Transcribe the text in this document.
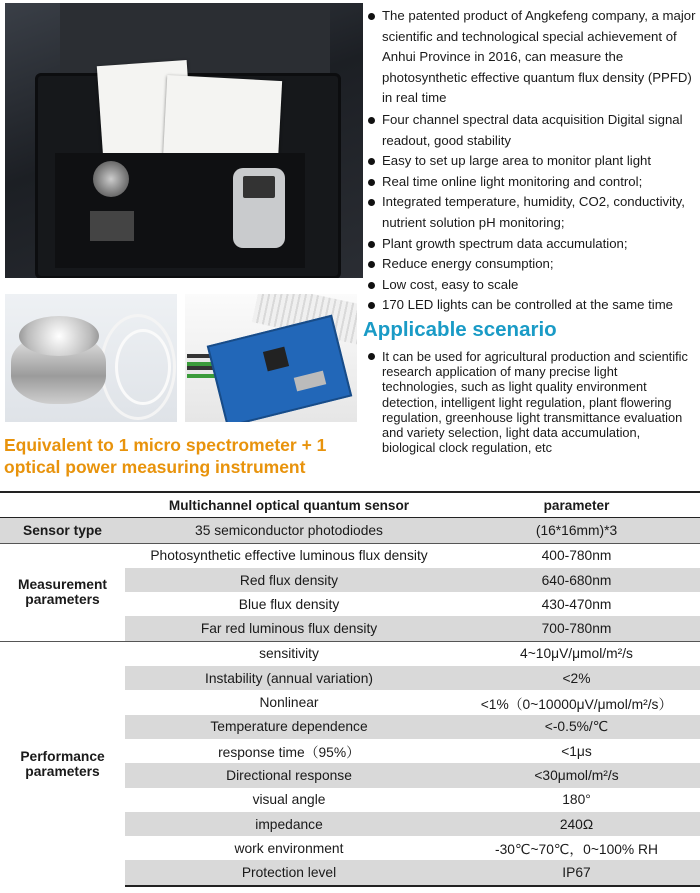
The patented product of Angkefeng company, a major scientific and technological special achievement of Anhui Province in 2016, can measure the photosynthetic effective quantum flux density (PPFD) in real time
Four channel spectral data acquisition Digital signal readout, good stability
Easy to set up large area to monitor plant light
Real time online light monitoring and control;
Integrated temperature, humidity, CO2, conductivity, nutrient solution pH monitoring;
Plant growth spectrum data accumulation;
Reduce energy consumption;
Low cost, easy to scale
170 LED lights can be controlled at the same time
Applicable scenario
It can be used for agricultural production and scientific research application of many precise light technologies, such as light quality environment detection, intelligent light regulation, plant flowering regulation, greenhouse light transmittance evaluation and variety selection, light data accumulation, biological clock regulation, etc

Equivalent to 1 micro spectrometer + 1 optical power measuring instrument

	Multichannel optical quantum sensor	parameter
Sensor type	35 semiconductor photodiodes	(16*16mm)*3
Measurement
parameters	Photosynthetic effective luminous flux density	400-780nm
	Red flux density	640-680nm
	Blue flux density	430-470nm
	Far red luminous flux density	700-780nm
Performance
parameters	sensitivity	4~10μV/μmol/m²/s
	Instability (annual variation)	<2%
	Nonlinear	<1%（0~10000μV/μmol/m²/s）
	Temperature dependence	<-0.5%/℃
	response time（95%）	<1μs
	Directional response	<30μmol/m²/s
	visual angle	180°
	impedance	240Ω
	work environment	-30℃~70℃，0~100% RH
	Protection level	IP67
